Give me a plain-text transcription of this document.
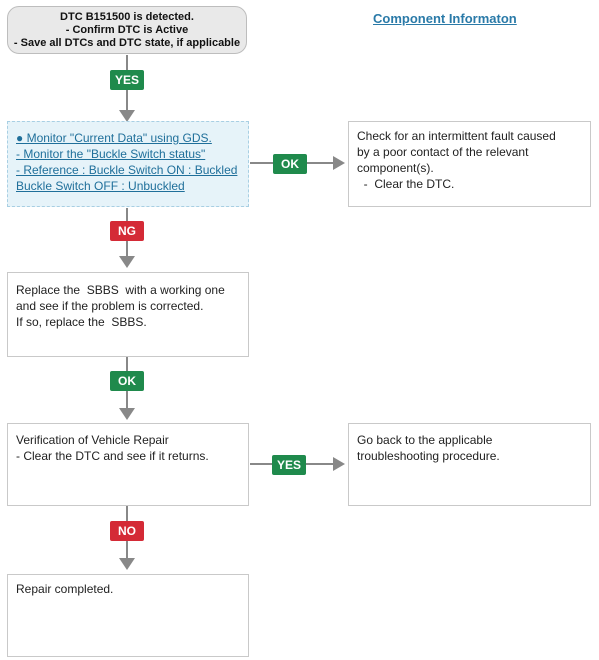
DTC B151500 is detected.
- Confirm DTC is Active
- Save all DTCs and DTC state, if applicable
Component Informaton
YES
NG
OK
OK
YES
NO
● Monitor "Current Data" using GDS.
- Monitor the "Buckle Switch status"
- Reference : Buckle Switch ON : Buckled
Buckle Switch OFF : Unbuckled
Check for an intermittent fault caused
by a poor contact of the relevant
component(s).
-  Clear the DTC.
Replace the  SBBS  with a working one
and see if the problem is corrected.
If so, replace the  SBBS.
Verification of Vehicle Repair
- Clear the DTC and see if it returns.
Go back to the applicable
troubleshooting procedure.
Repair completed.
